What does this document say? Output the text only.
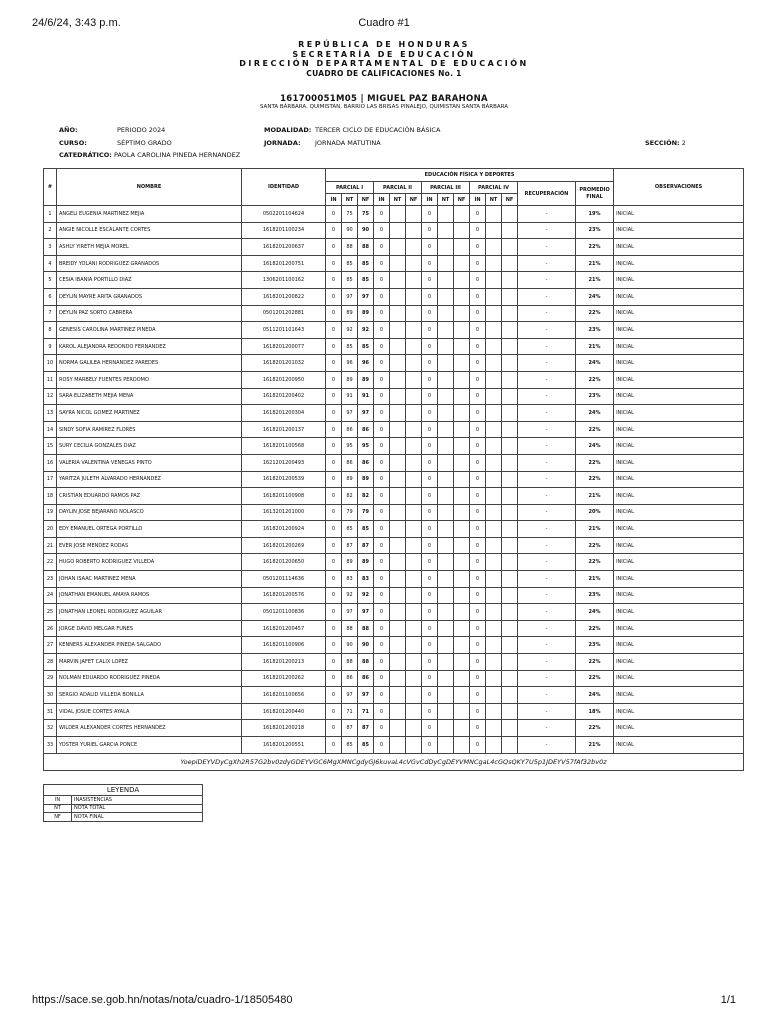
24/6/24, 3:43 p.m.	Cuadro #1
REPÚBLICA DE HONDURAS
SECRETARÍA DE EDUCACIÓN
DIRECCIÓN DEPARTAMENTAL DE EDUCACIÓN
CUADRO DE CALIFICACIONES No. 1
161700051M05 | MIGUEL PAZ BARAHONA
SANTA BÁRBARA, QUIMISTAN, BARRIO LAS BRISAS PINALEJO, QUIMISTAN SANTA BÁRBARA
AÑO:	PERIODO 2024
CURSO:	SÉPTIMO GRADO
CATEDRÁTICO: PAOLA CAROLINA PINEDA HERNANDEZ
MODALIDAD: TERCER CICLO DE EDUCACIÓN BÁSICA
JORNADA: JORNADA MATUTINA	SECCIÓN: 2
#	NOMBRE	IDENTIDAD	EDUCACIÓN FÍSICA Y DEPORTES														OBSERVACIONES
			PARCIAL I			PARCIAL II			PARCIAL III			PARCIAL IV			RECUPERACIÓN	PROMEDIO FINAL	
			IN	NT	NF	IN	NT	NF	IN	NT	NF	IN	NT	NF			
1	ANGELI EUGENIA MARTINEZ MEJIA	0502201104624	0	75	75	0			0			0			-	19%	INICIAL
2	ANGIE NICOLLE ESCALANTE CORTES	1618201100234	0	90	90	0			0			0			-	23%	INICIAL
3	ASHLY YIRETH MEJIA MOREL	1618201200637	0	88	88	0			0			0			-	22%	INICIAL
4	BREIDY YOLANI RODRIGUEZ GRANADOS	1618201200751	0	85	85	0			0			0			-	21%	INICIAL
5	CESIA IBANIA PORTILLO DIAZ	1306201100162	0	85	85	0			0			0			-	21%	INICIAL
6	DEYLIN MAYRE ARITA GRANADOS	1618201200822	0	97	97	0			0			0			-	24%	INICIAL
7	DEYLIN PAZ SORTO CABRERA	0501201202881	0	89	89	0			0			0			-	22%	INICIAL
8	GENESIS CAROLINA MARTINEZ PINEDA	0511201101643	0	92	92	0			0			0			-	23%	INICIAL
9	KAROL ALEJANDRA REDONDO FERNANDEZ	1618201200077	0	85	85	0			0			0			-	21%	INICIAL
10	NORMA GALILEA HERNANDEZ PAREDES	1618201201032	0	96	96	0			0			0			-	24%	INICIAL
11	ROSY MARBELY FUENTES PERDOMO	1618201200950	0	89	89	0			0			0			-	22%	INICIAL
12	SARA ELIZABETH MEJIA MENA	1618201200402	0	91	91	0			0			0			-	23%	INICIAL
13	SAYRA NICOL GOMEZ MARTINEZ	1618201200304	0	97	97	0			0			0			-	24%	INICIAL
14	SINDY SOFIA RAMIREZ FLORES	1618201200137	0	86	86	0			0			0			-	22%	INICIAL
15	SURY CECILIA GONZALES DIAZ	1618201100568	0	95	95	0			0			0			-	24%	INICIAL
16	VALERIA VALENTINA VENEGAS PINTO	1621201200493	0	86	86	0			0			0			-	22%	INICIAL
17	YARITZA JULETH ALVARADO HERNANDEZ	1618201200539	0	89	89	0			0			0			-	22%	INICIAL
18	CRISTIAN EDUARDO RAMOS PAZ	1618201100908	0	82	82	0			0			0			-	21%	INICIAL
19	DAYLIN JOSE BEJARANO NOLASCO	1613201201000	0	79	79	0			0			0			-	20%	INICIAL
20	EDY EMANUEL ORTEGA PORTILLO	1618201200924	0	85	85	0			0			0			-	21%	INICIAL
21	EVER JOSE MENDEZ RODAS	1618201200269	0	87	87	0			0			0			-	22%	INICIAL
22	HUGO ROBERTO RODRIGUEZ VILLEDA	1618201200650	0	89	89	0			0			0			-	22%	INICIAL
23	JOHAN ISAAC MARTINEZ MENA	0501201114636	0	83	83	0			0			0			-	21%	INICIAL
24	JONATHAN EMANUEL AMAYA RAMOS	1618201200576	0	92	92	0			0			0			-	23%	INICIAL
25	JONATHAN LEONEL RODRIGUEZ AGUILAR	0501201100836	0	97	97	0			0			0			-	24%	INICIAL
26	JORGE DAVID MELGAR FUNES	1618201200457	0	88	88	0			0			0			-	22%	INICIAL
27	KENNERS ALEXANDER PINEDA SALGADO	1618201100906	0	90	90	0			0			0			-	23%	INICIAL
28	MARVIN JAFET CALIX LOPEZ	1618201200213	0	88	88	0			0			0			-	22%	INICIAL
29	NOLMAN EDUARDO RODRIGUEZ PINEDA	1618201200262	0	86	86	0			0			0			-	22%	INICIAL
30	SERGIO ADALID VILLEDA BONILLA	1618201100656	0	97	97	0			0			0			-	24%	INICIAL
31	VIDAL JOSUE CORTES AYALA	1618201200440	0	71	71	0			0			0			-	18%	INICIAL
32	WILDER ALEXANDER CORTES HERNANDEZ	1618201200218	0	87	87	0			0			0			-	22%	INICIAL
33	YOSTER YURIEL GARCIA PONCE	1618201200551	0	85	85	0			0			0			-	21%	INICIAL
YoepiDEYVDyCgXh2R57G2bv0zdyGDEYVGC6MgXMNCgdyGJ6kuvaL4cVGvCdDyCgDEYVMNCgaL4cGQsQKY7U5p1JDEYV57fAf32bv0z																	
LEYENDA	
IN	INASISTENCIAS
NT	NOTA TOTAL
NF	NOTA FINAL
https://sace.se.gob.hn/notas/nota/cuadro-1/18505480	1/1
